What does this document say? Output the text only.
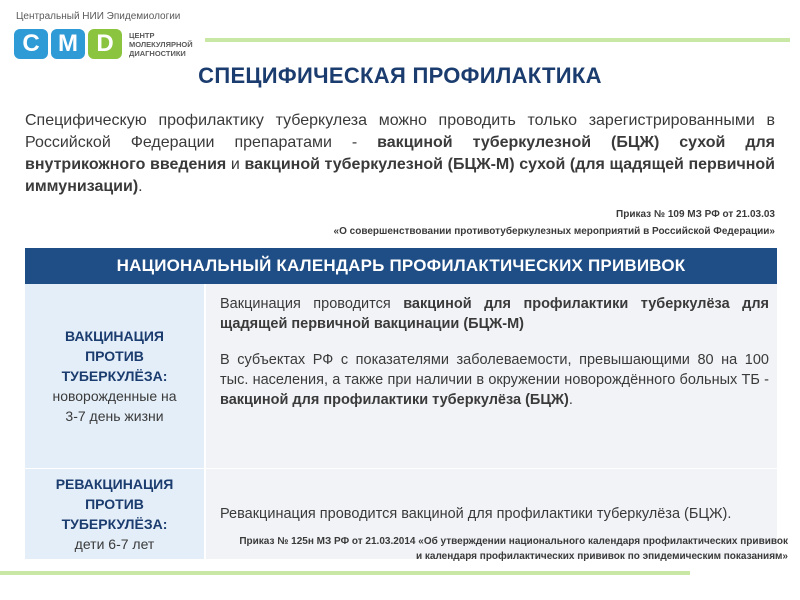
Центральный НИИ Эпидемиологии
C M D	ЦЕНТР
МОЛЕКУЛЯРНОЙ
ДИАГНОСТИКИ
СПЕЦИФИЧЕСКАЯ ПРОФИЛАКТИКА
Специфическую профилактику туберкулеза можно проводить только зарегистрированными в Российской Федерации препаратами - вакциной туберкулезной (БЦЖ) сухой для внутрикожного введения и вакциной туберкулезной (БЦЖ-М) сухой (для щадящей первичной иммунизации).
Приказ № 109 МЗ РФ от 21.03.03
«О совершенствовании противотуберкулезных мероприятий в Российской Федерации»
НАЦИОНАЛЬНЫЙ КАЛЕНДАРЬ ПРОФИЛАКТИЧЕСКИХ ПРИВИВОК
ВАКЦИНАЦИЯ
ПРОТИВ
ТУБЕРКУЛЁЗА:
новорожденные на
3-7 день жизни

Вакцинация проводится вакциной для профилактики туберкулёза для щадящей первичной вакцинации (БЦЖ-М)

В субъектах РФ с показателями заболеваемости, превышающими 80 на 100 тыс. населения, а также при наличии в окружении новорождённого больных ТБ - вакциной для профилактики туберкулёза (БЦЖ).

РЕВАКЦИНАЦИЯ
ПРОТИВ
ТУБЕРКУЛЁЗА:
дети 6-7 лет

Ревакцинация проводится вакциной для профилактики туберкулёза (БЦЖ).

Приказ № 125н МЗ РФ от 21.03.2014 «Об утверждении национального календаря профилактических прививок
и календаря профилактических прививок по эпидемическим показаниям»
